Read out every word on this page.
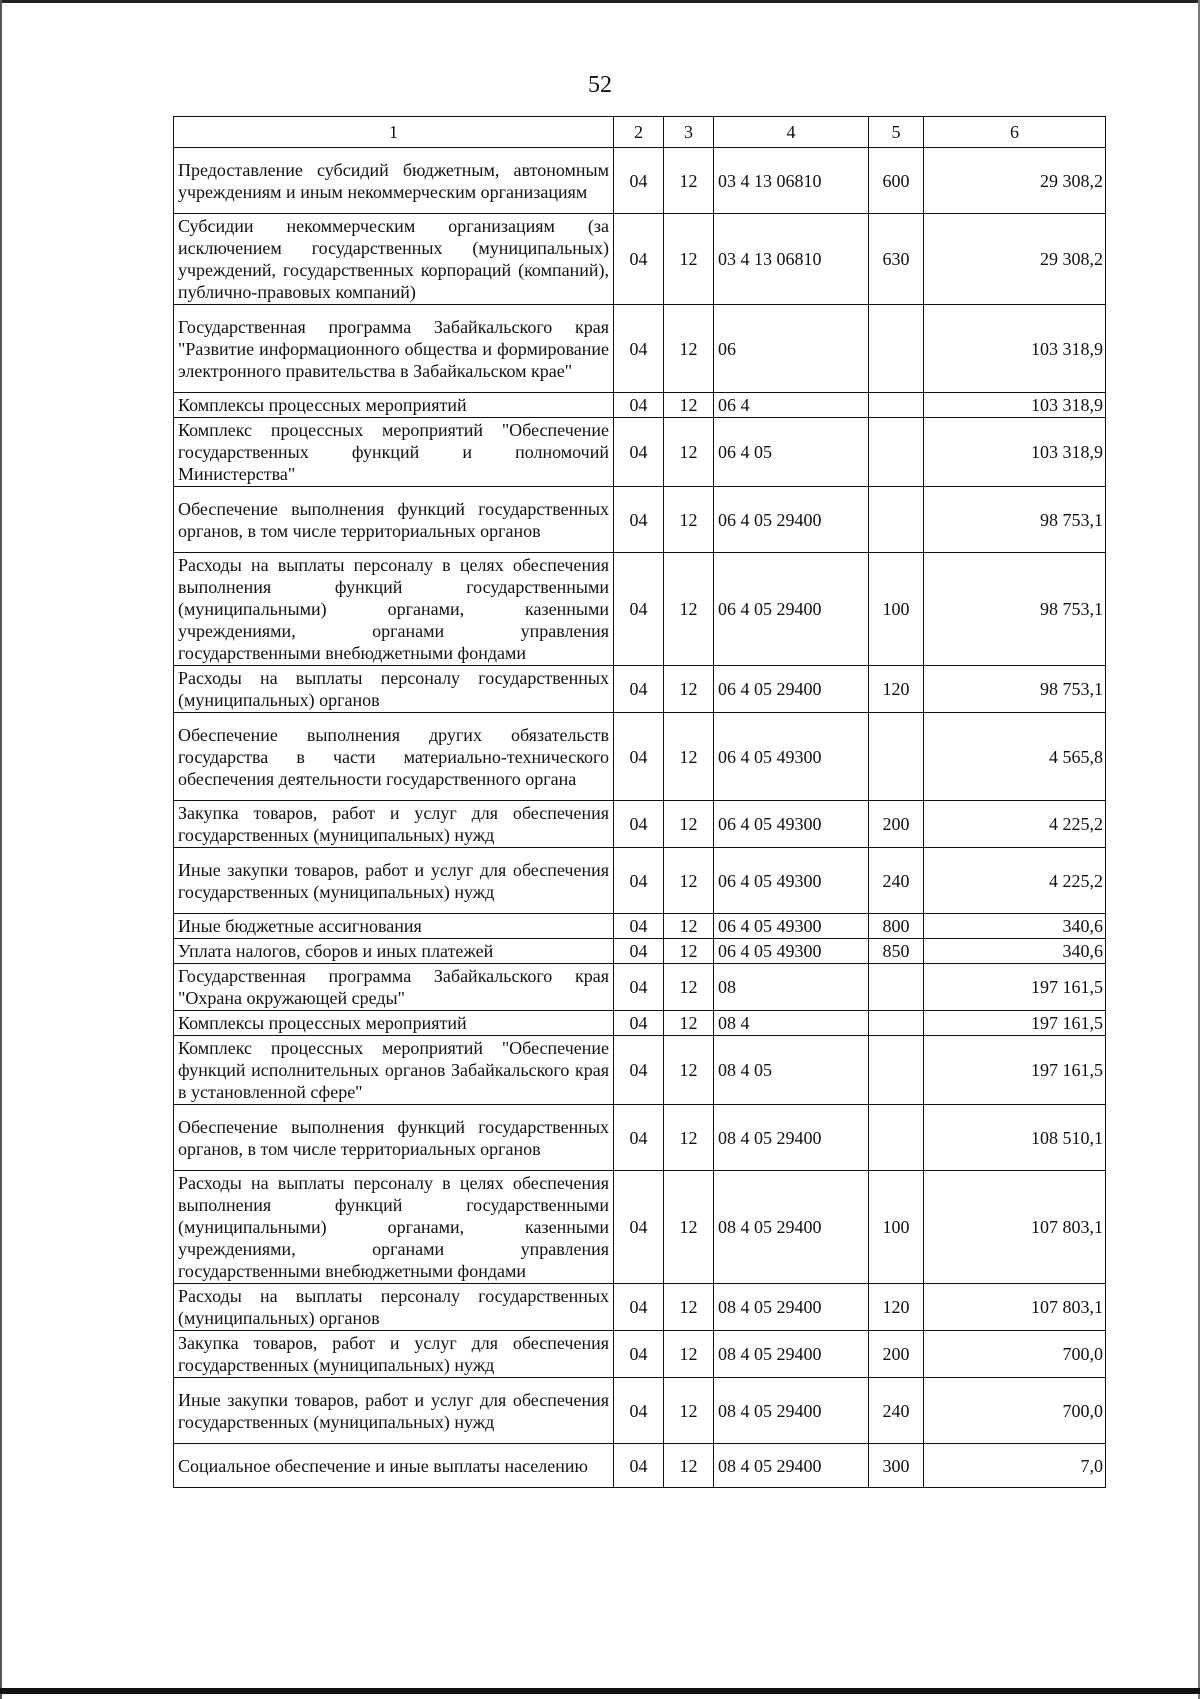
52
1	2	3	4	5	6
Предоставление субсидий бюджетным, автономным учреждениям и иным некоммерческим организациям	04	12	03 4 13 06810	600	29 308,2
Субсидии некоммерческим организациям (за исключением государственных (муниципальных) учреждений, государственных корпораций (компаний), публично-правовых компаний)	04	12	03 4 13 06810	630	29 308,2
Государственная программа Забайкальского края "Развитие информационного общества и формирование электронного правительства в Забайкальском крае"	04	12	06		103 318,9
Комплексы процессных мероприятий	04	12	06 4		103 318,9
Комплекс процессных мероприятий "Обеспечение государственных функций и полномочий Министерства"	04	12	06 4 05		103 318,9
Обеспечение выполнения функций государственных органов, в том числе территориальных органов	04	12	06 4 05 29400		98 753,1
Расходы на выплаты персоналу в целях обеспечения выполнения функций государственными (муниципальными) органами, казенными учреждениями, органами управления государственными внебюджетными фондами	04	12	06 4 05 29400	100	98 753,1
Расходы на выплаты персоналу государственных (муниципальных) органов	04	12	06 4 05 29400	120	98 753,1
Обеспечение выполнения других обязательств государства в части материально-технического обеспечения деятельности государственного органа	04	12	06 4 05 49300		4 565,8
Закупка товаров, работ и услуг для обеспечения государственных (муниципальных) нужд	04	12	06 4 05 49300	200	4 225,2
Иные закупки товаров, работ и услуг для обеспечения государственных (муниципальных) нужд	04	12	06 4 05 49300	240	4 225,2
Иные бюджетные ассигнования	04	12	06 4 05 49300	800	340,6
Уплата налогов, сборов и иных платежей	04	12	06 4 05 49300	850	340,6
Государственная программа Забайкальского края "Охрана окружающей среды"	04	12	08		197 161,5
Комплексы процессных мероприятий	04	12	08 4		197 161,5
Комплекс процессных мероприятий "Обеспечение функций исполнительных органов Забайкальского края в установленной сфере"	04	12	08 4 05		197 161,5
Обеспечение выполнения функций государственных органов, в том числе территориальных органов	04	12	08 4 05 29400		108 510,1
Расходы на выплаты персоналу в целях обеспечения выполнения функций государственными (муниципальными) органами, казенными учреждениями, органами управления государственными внебюджетными фондами	04	12	08 4 05 29400	100	107 803,1
Расходы на выплаты персоналу государственных (муниципальных) органов	04	12	08 4 05 29400	120	107 803,1
Закупка товаров, работ и услуг для обеспечения государственных (муниципальных) нужд	04	12	08 4 05 29400	200	700,0
Иные закупки товаров, работ и услуг для обеспечения государственных (муниципальных) нужд	04	12	08 4 05 29400	240	700,0
Социальное обеспечение и иные выплаты населению	04	12	08 4 05 29400	300	7,0
